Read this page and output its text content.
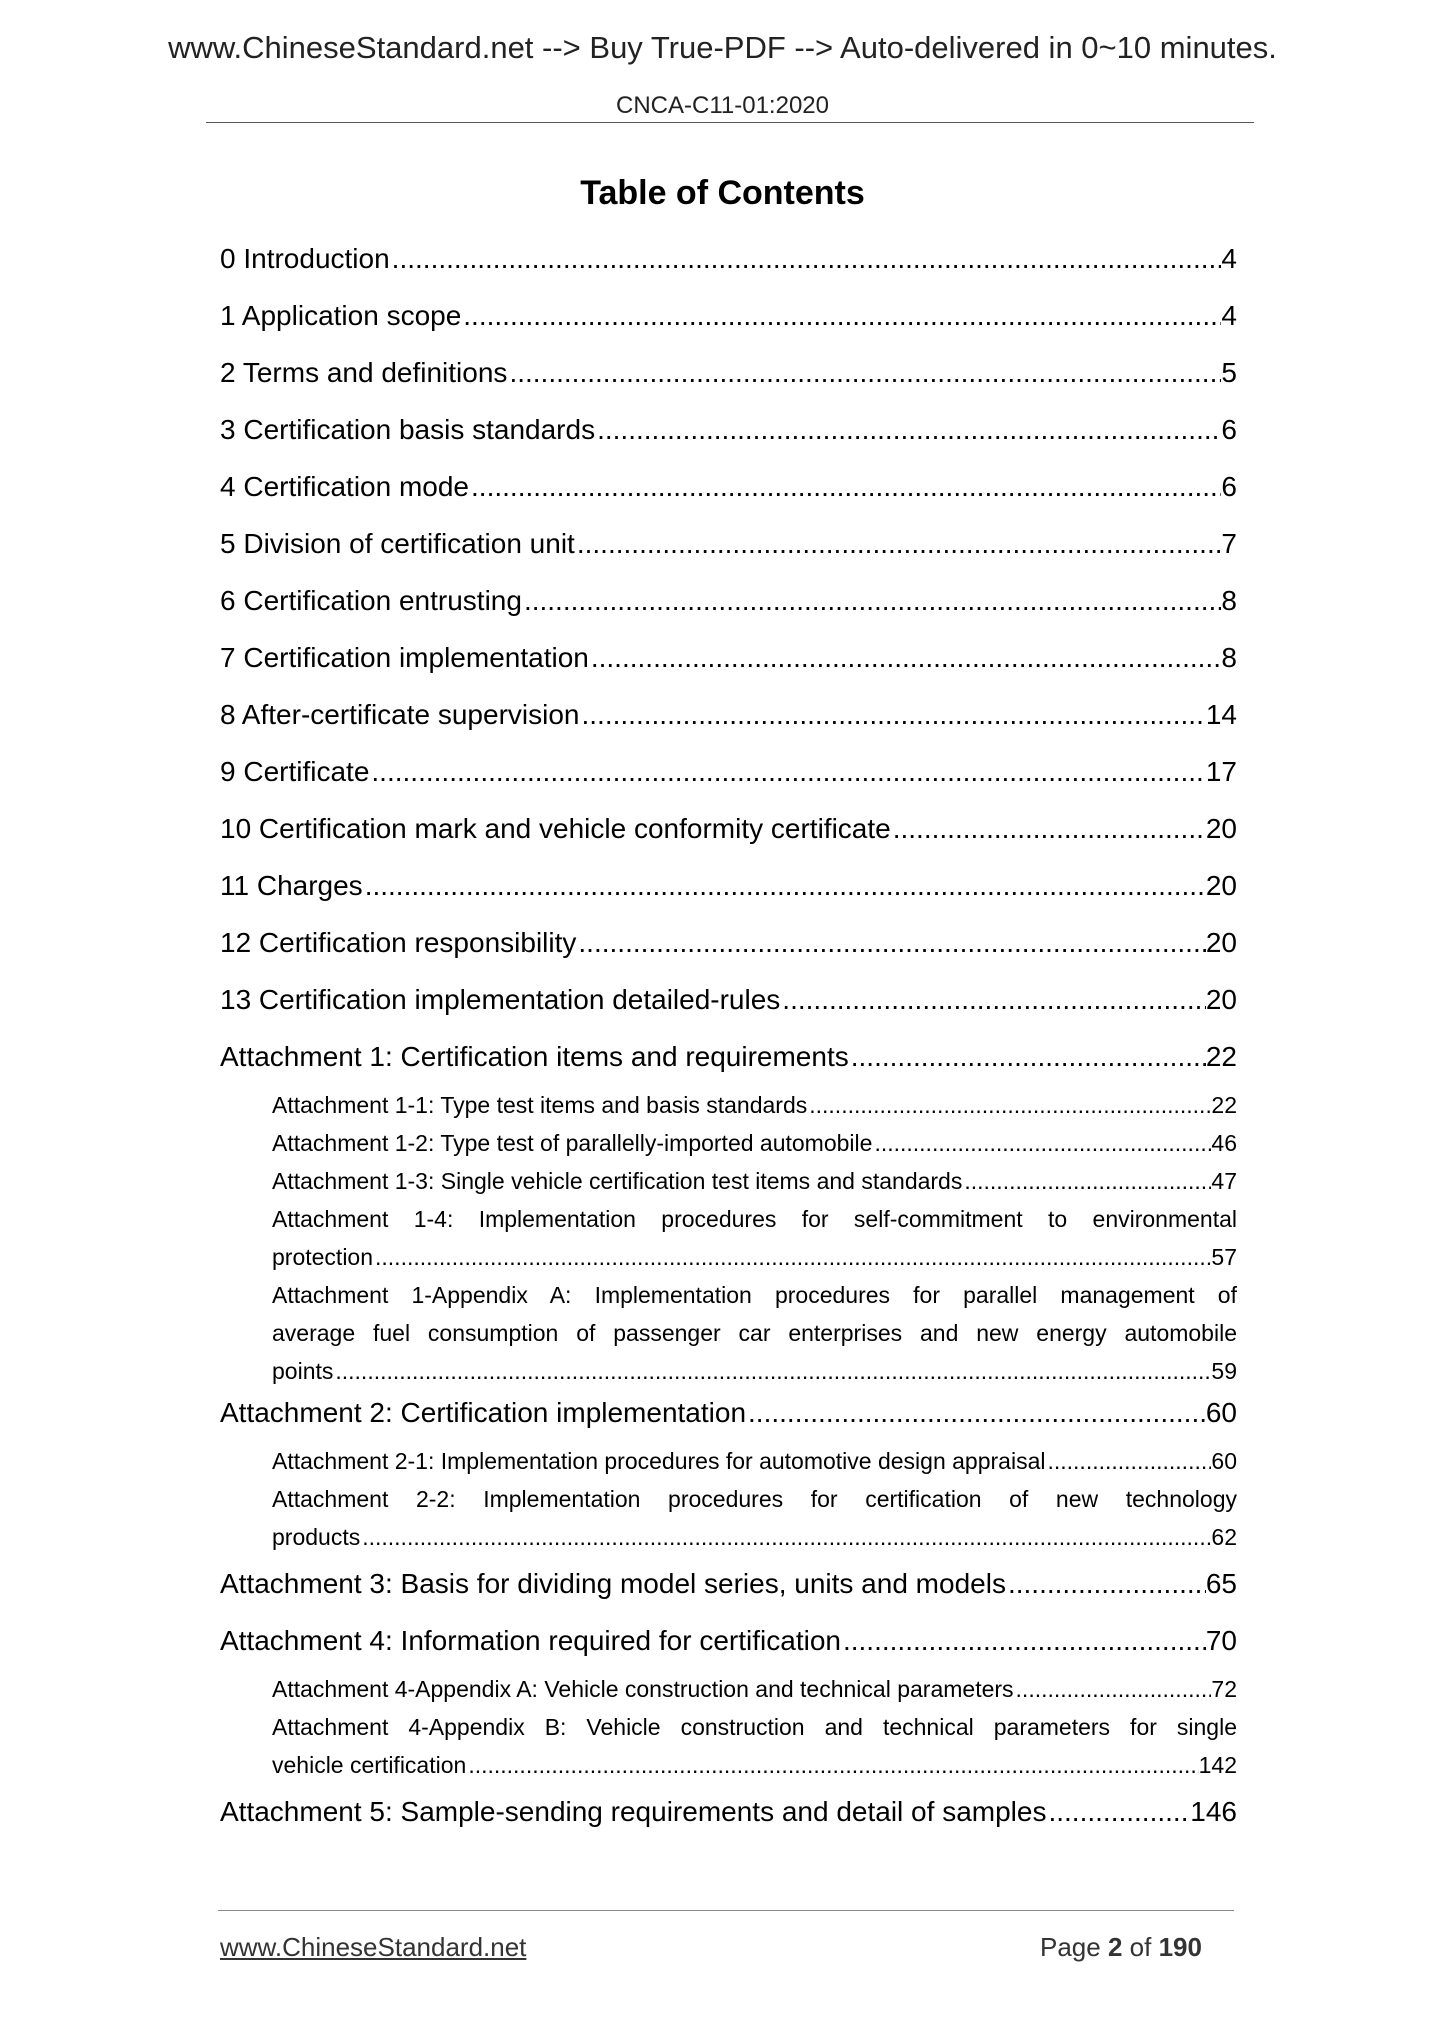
www.ChineseStandard.net --> Buy True-PDF --> Auto-delivered in 0~10 minutes.
CNCA-C11-01:2020
Table of Contents
0 Introduction .....	4
1 Application scope .....	4
2 Terms and definitions .....	5
3 Certification basis standards .....	6
4 Certification mode .....	6
5 Division of certification unit .....	7
6 Certification entrusting .....	8
7 Certification implementation .....	8
8 After-certificate supervision .....	14
9 Certificate .....	17
10 Certification mark and vehicle conformity certificate .....	20
11 Charges .....	20
12 Certification responsibility .....	20
13 Certification implementation detailed-rules .....	20
Attachment 1: Certification items and requirements .....	22
Attachment 1-1: Type test items and basis standards .....	22
Attachment 1-2: Type test of parallelly-imported automobile .....	46
Attachment 1-3: Single vehicle certification test items and standards .....	47
Attachment 1-4: Implementation procedures for self-commitment to environmental
protection .....	57
Attachment 1-Appendix A: Implementation procedures for parallel management of
average fuel consumption of passenger car enterprises and new energy automobile
points .....	59
Attachment 2: Certification implementation .....	60
Attachment 2-1: Implementation procedures for automotive design appraisal .....	60
Attachment 2-2: Implementation procedures for certification of new technology
products .....	62
Attachment 3: Basis for dividing model series, units and models .....	65
Attachment 4: Information required for certification .....	70
Attachment 4-Appendix A: Vehicle construction and technical parameters .....	72
Attachment 4-Appendix B: Vehicle construction and technical parameters for single
vehicle certification .....	142
Attachment 5: Sample-sending requirements and detail of samples .....	146
www.ChineseStandard.net	Page 2 of 190
